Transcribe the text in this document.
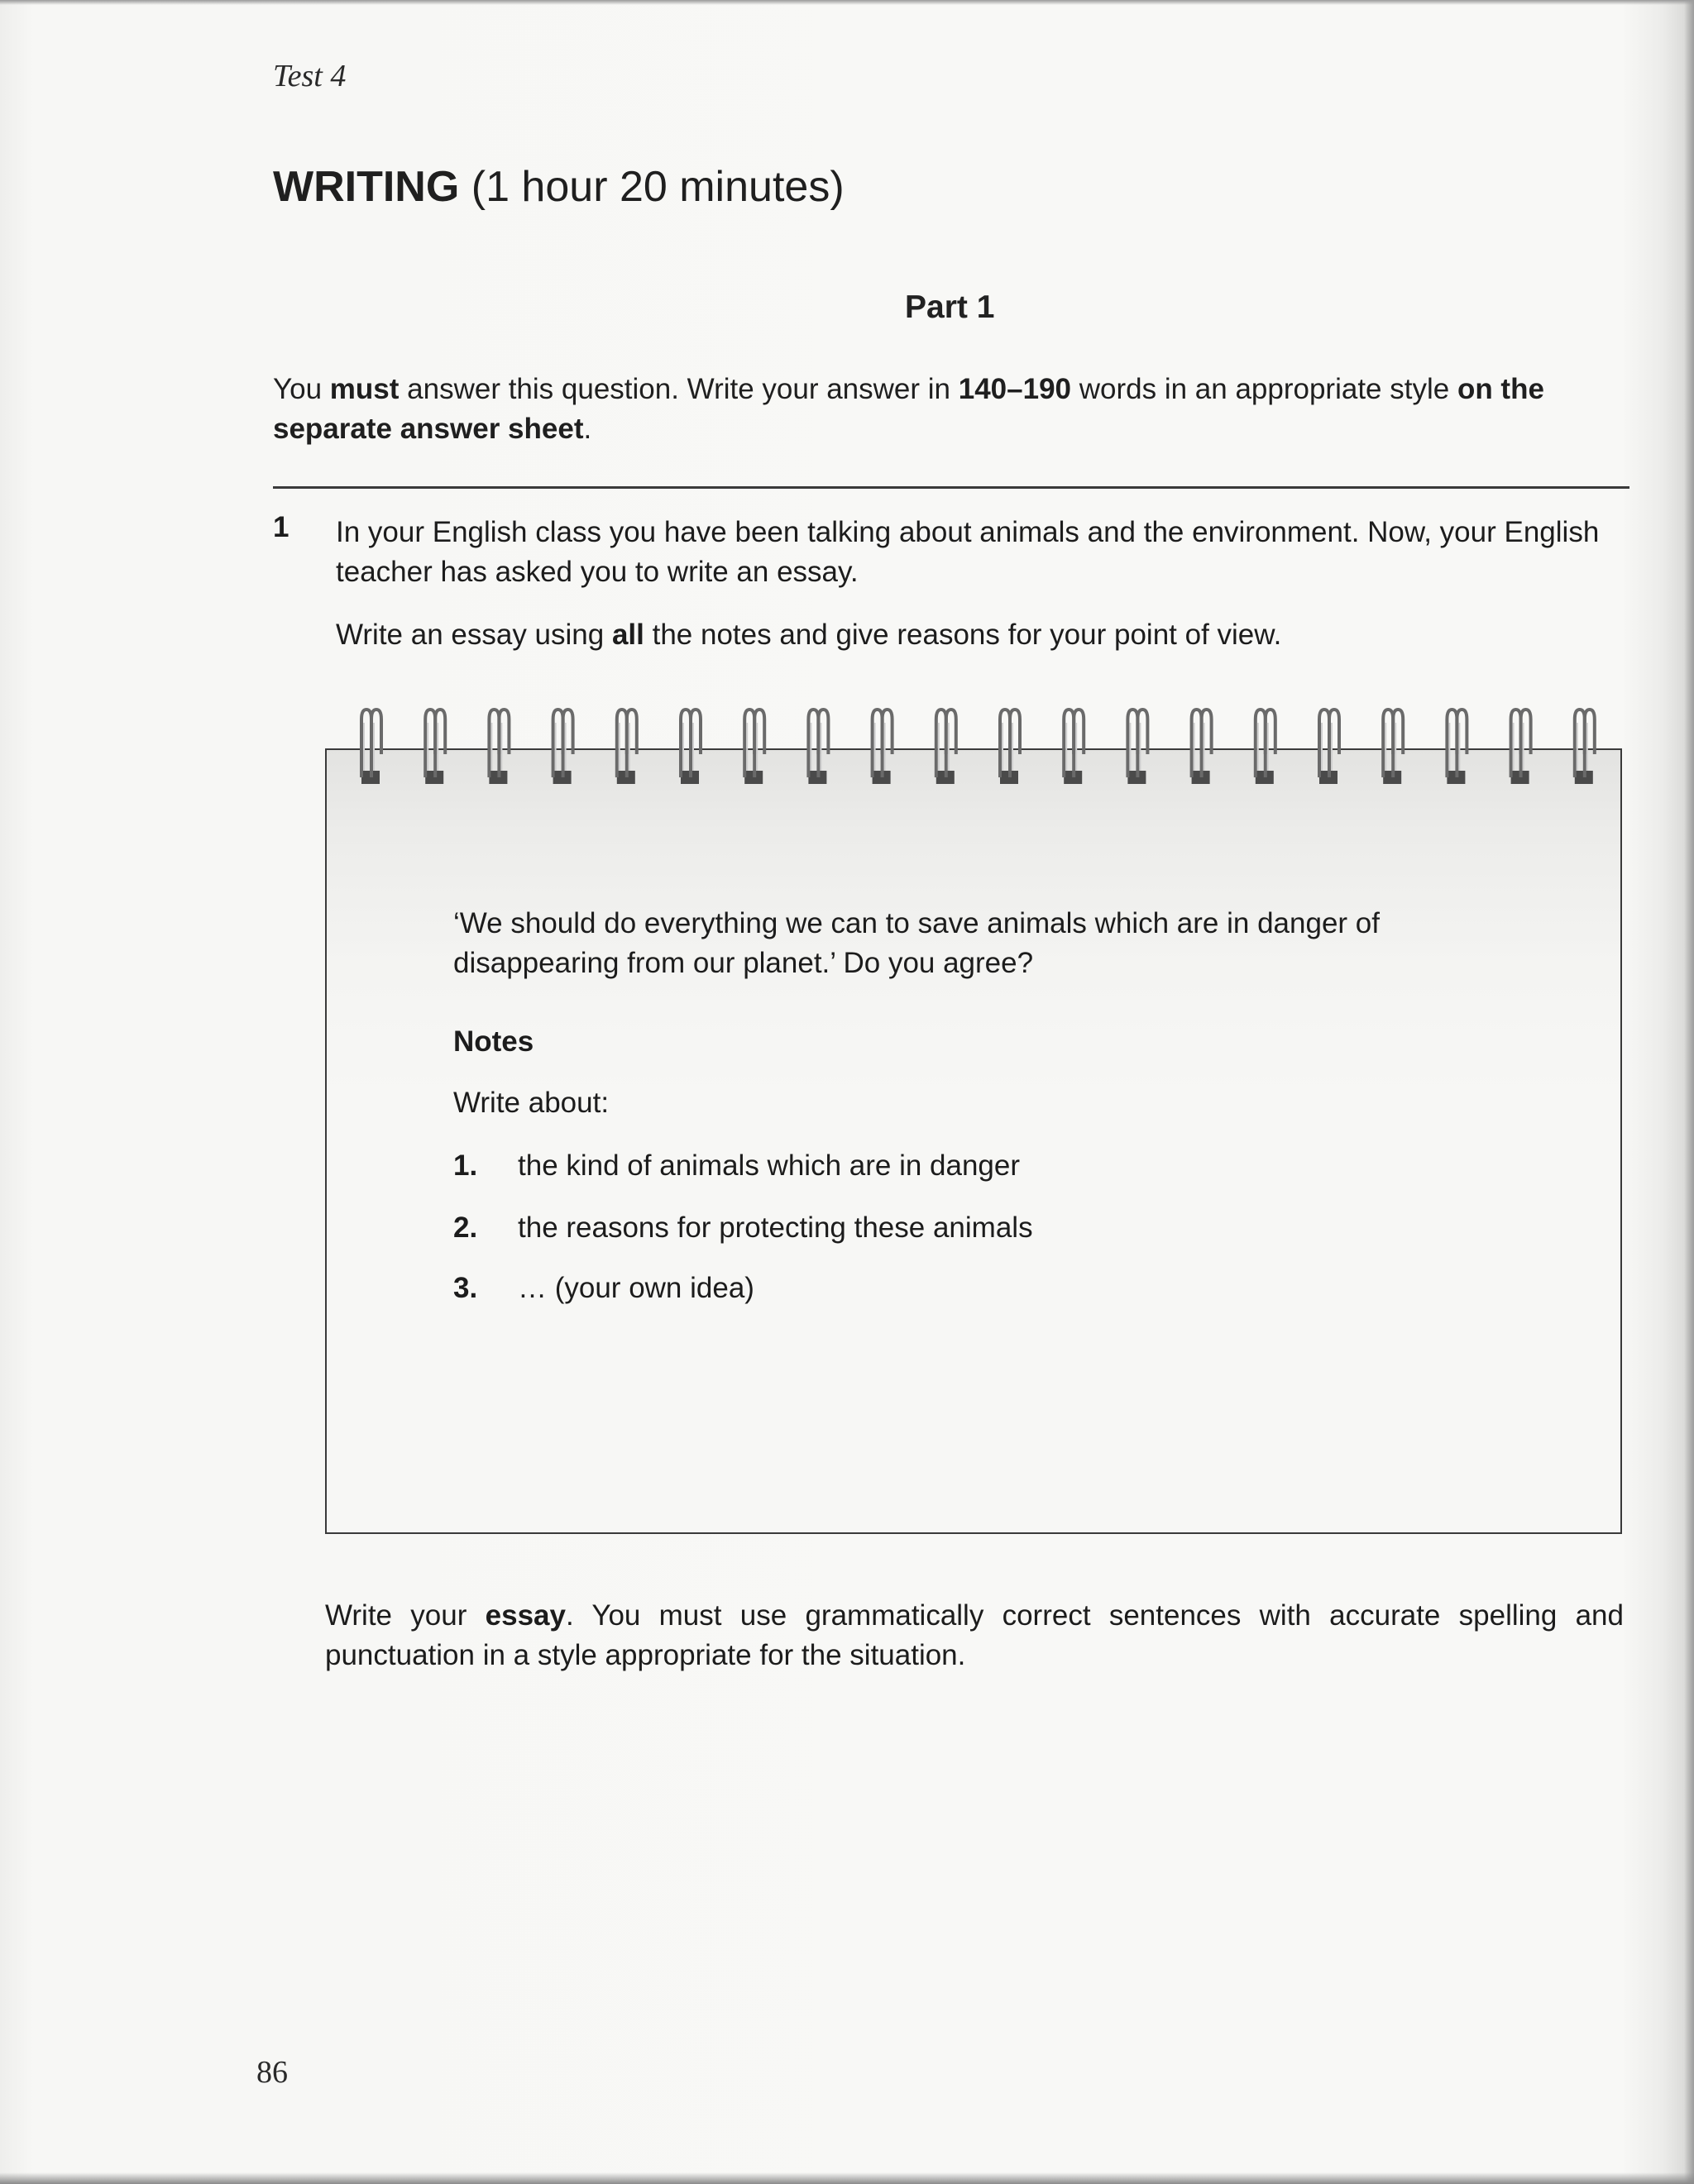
Test 4
WRITING (1 hour 20 minutes)
Part 1
You must answer this question. Write your answer in 140–190 words in an appropriate style on the separate answer sheet.
1 In your English class you have been talking about animals and the environment. Now, your English teacher has asked you to write an essay.
Write an essay using all the notes and give reasons for your point of view.

‘We should do everything we can to save animals which are in danger of disappearing from our planet.’ Do you agree?

Notes
Write about:
1. the kind of animals which are in danger
2. the reasons for protecting these animals
3. … (your own idea)
Write your essay. You must use grammatically correct sentences with accurate spelling and punctuation in a style appropriate for the situation.
86
